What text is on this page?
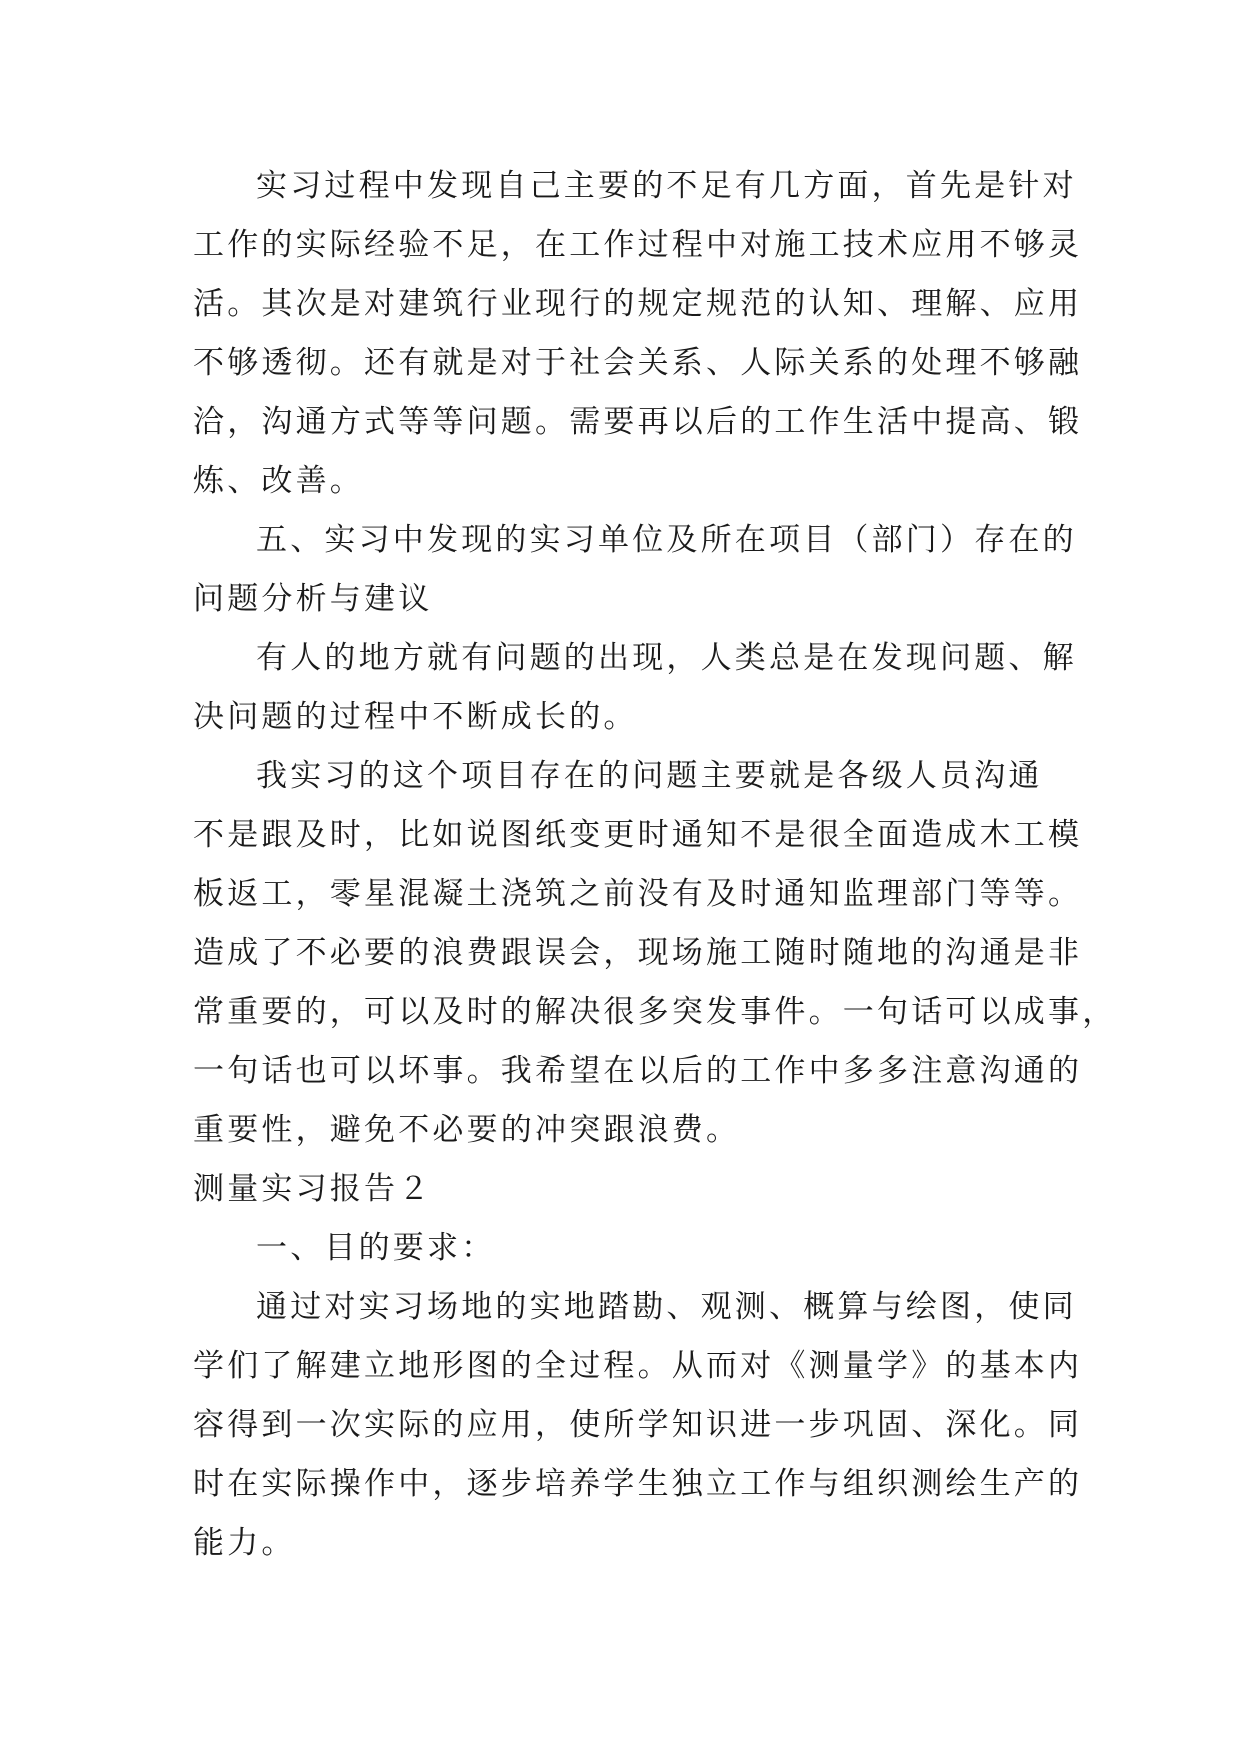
实习过程中发现自己主要的不足有几方面，首先是针对
工作的实际经验不足，在工作过程中对施工技术应用不够灵
活。其次是对建筑行业现行的规定规范的认知、理解、应用
不够透彻。还有就是对于社会关系、人际关系的处理不够融
洽，沟通方式等等问题。需要再以后的工作生活中提高、锻
炼、改善。
五、实习中发现的实习单位及所在项目（部门）存在的
问题分析与建议
有人的地方就有问题的出现，人类总是在发现问题、解
决问题的过程中不断成长的。
我实习的这个项目存在的问题主要就是各级人员沟通
不是跟及时，比如说图纸变更时通知不是很全面造成木工模
板返工，零星混凝土浇筑之前没有及时通知监理部门等等。
造成了不必要的浪费跟误会，现场施工随时随地的沟通是非
常重要的，可以及时的解决很多突发事件。一句话可以成事，
一句话也可以坏事。我希望在以后的工作中多多注意沟通的
重要性，避免不必要的冲突跟浪费。
测量实习报告２
一、目的要求：
通过对实习场地的实地踏勘、观测、概算与绘图，使同
学们了解建立地形图的全过程。从而对《测量学》的基本内
容得到一次实际的应用，使所学知识进一步巩固、深化。同
时在实际操作中，逐步培养学生独立工作与组织测绘生产的
能力。
